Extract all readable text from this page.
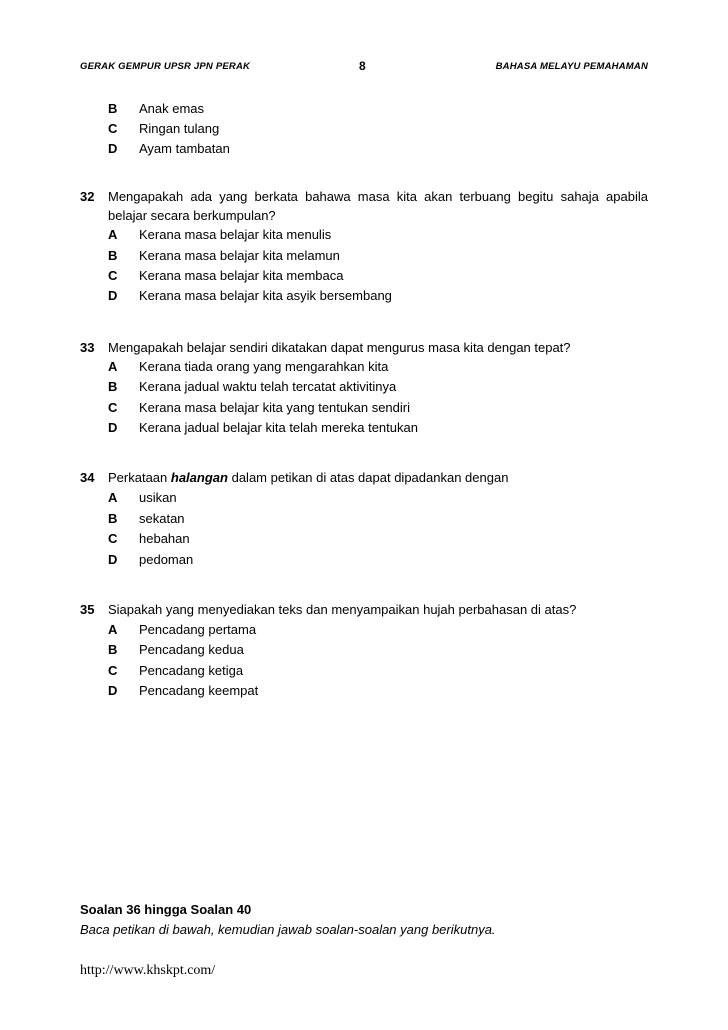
GERAK GEMPUR UPSR JPN PERAK	8	BAHASA MELAYU PEMAHAMAN
B Anak emas
C Ringan tulang
D Ayam tambatan
32 Mengapakah ada yang berkata bahawa masa kita akan terbuang begitu sahaja apabila belajar secara berkumpulan?
A Kerana masa belajar kita menulis
B Kerana masa belajar kita melamun
C Kerana masa belajar kita membaca
D Kerana masa belajar kita asyik bersembang
33 Mengapakah belajar sendiri dikatakan dapat mengurus masa kita dengan tepat?
A Kerana tiada orang yang mengarahkan kita
B Kerana jadual waktu telah tercatat aktivitinya
C Kerana masa belajar kita yang tentukan sendiri
D Kerana jadual belajar kita telah mereka tentukan
34 Perkataan halangan dalam petikan di atas dapat dipadankan dengan
A usikan
B sekatan
C hebahan
D pedoman
35 Siapakah yang menyediakan teks dan menyampaikan hujah perbahasan di atas?
A Pencadang pertama
B Pencadang kedua
C Pencadang ketiga
D Pencadang keempat
Soalan 36 hingga Soalan 40
Baca petikan di bawah, kemudian jawab soalan-soalan yang berikutnya.
http://www.khskpt.com/
